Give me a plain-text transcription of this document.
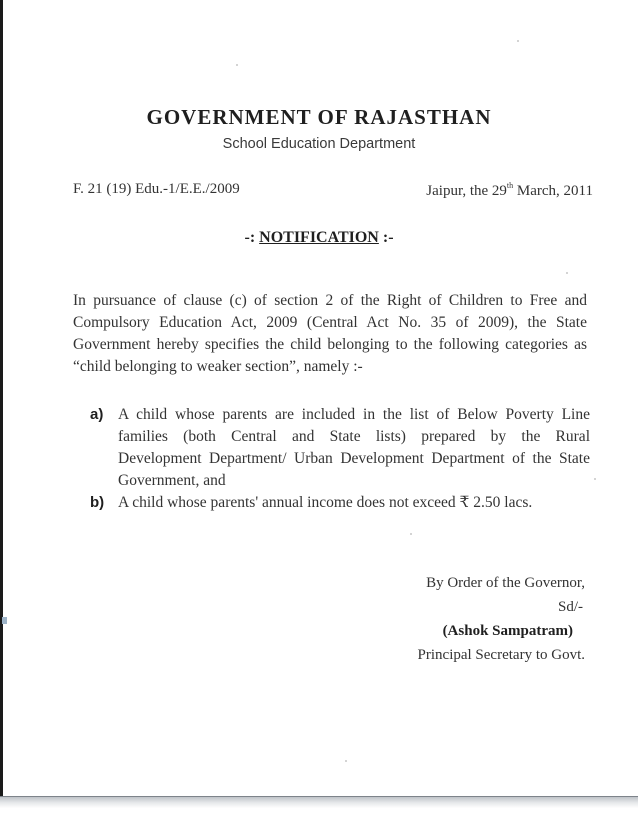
GOVERNMENT OF RAJASTHAN
School Education Department
F. 21 (19) Edu.-1/E.E./2009	Jaipur, the 29th March, 2011
-: NOTIFICATION :-
In pursuance of clause (c) of section 2 of the Right of Children to Free and
Compulsory Education Act, 2009 (Central Act No. 35 of 2009), the State
Government hereby specifies the child belonging to the following categories as
“child belonging to weaker section”, namely :-
a) A child whose parents are included in the list of Below Poverty Line
families (both Central and State lists) prepared by the Rural
Development Department/ Urban Development Department of the State
Government, and
b) A child whose parents' annual income does not exceed ₹ 2.50 lacs.
By Order of the Governor,
Sd/-
(Ashok Sampatram)
Principal Secretary to Govt.
